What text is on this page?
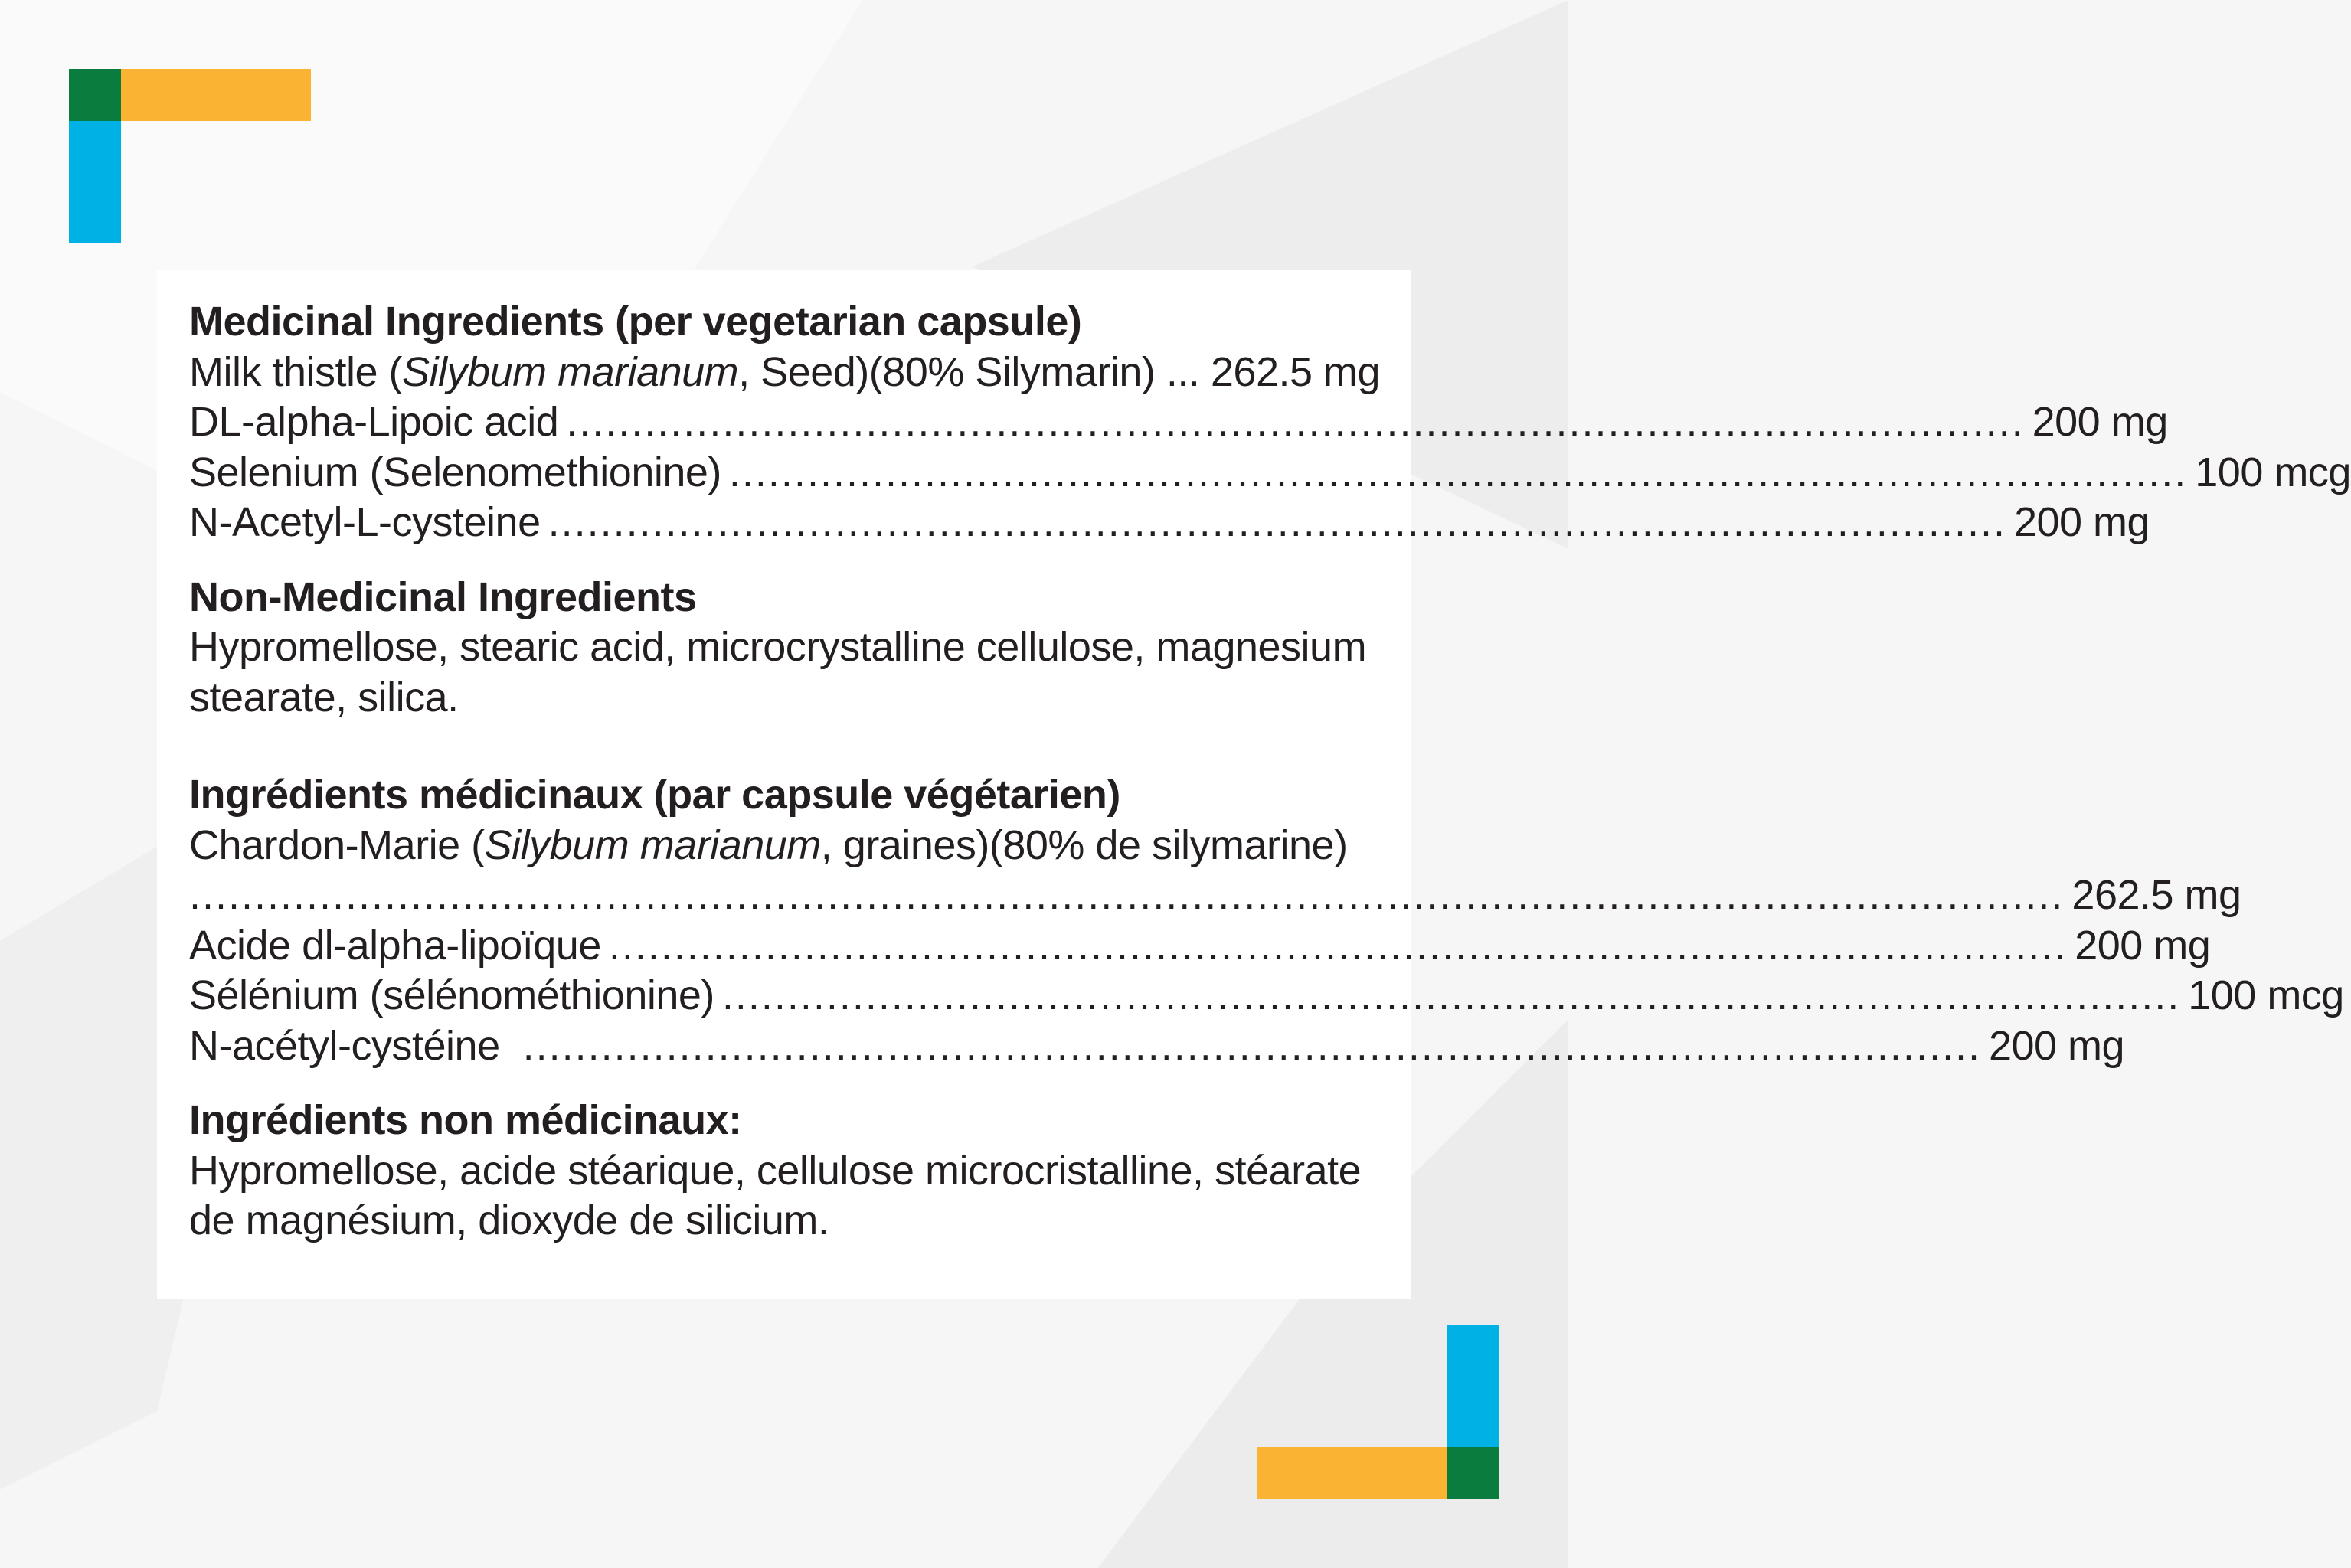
Medicinal Ingredients (per vegetarian capsule)
Milk thistle (Silybum marianum, Seed)(80% Silymarin) ... 262.5 mg
DL-alpha-Lipoic acid ................................................................................................................ 200 mg
Selenium (Selenomethionine) ................................................................................................................ 100 mcg
N-Acetyl-L-cysteine ................................................................................................................ 200 mg
Non-Medicinal Ingredients
Hypromellose, stearic acid, microcrystalline cellulose, magnesium stearate, silica.
Ingrédients médicinaux (par capsule végétarien)
Chardon-Marie (Silybum marianum, graines)(80% de silymarine)
................................................................................................................................................ 262.5 mg
Acide dl-alpha-lipoïque ................................................................................................................ 200 mg
Sélénium (sélénométhionine) ................................................................................................................ 100 mcg
N-acétyl-cystéine ................................................................................................................ 200 mg
Ingrédients non médicinaux:
Hypromellose, acide stéarique, cellulose microcristalline, stéarate de magnésium, dioxyde de silicium.
